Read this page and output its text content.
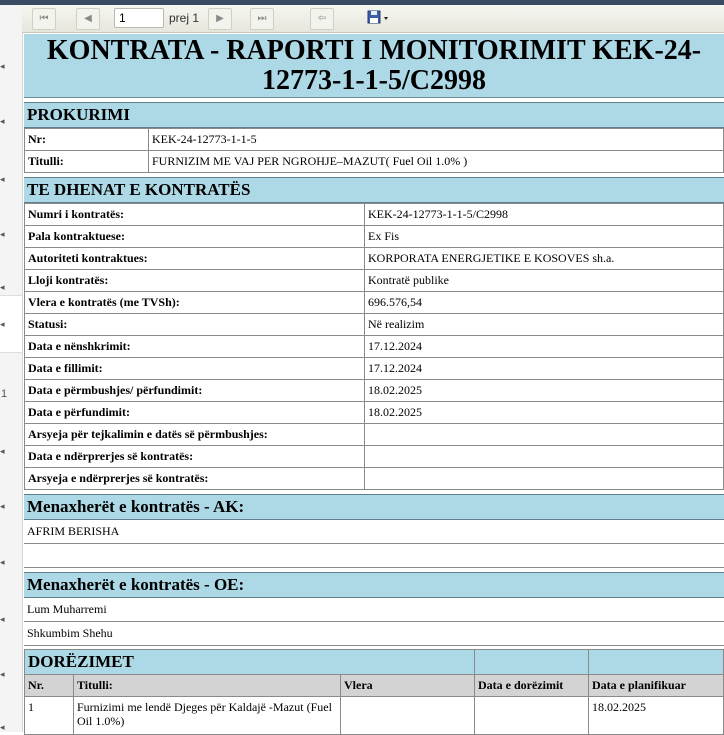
◂
◂
◂
◂
◂
◂
1
◂
◂
◂
◂
◂
◂
⏮	◀	1	prej 1	▶	⏭	⇦
KONTRATA - RAPORTI I MONITORIMIT KEK-24-12773-1-1-5/C2998
PROKURIMI
Nr:	KEK-24-12773-1-1-5
Titulli:	FURNIZIM ME VAJ PER NGROHJE–MAZUT( Fuel Oil 1.0% )
TE DHENAT E KONTRATËS
Numri i kontratës:	KEK-24-12773-1-1-5/C2998
Pala kontraktuese:	Ex Fis
Autoriteti kontraktues:	KORPORATA ENERGJETIKE E KOSOVES sh.a.
Lloji kontratës:	Kontratë publike
Vlera e kontratës (me TVSh):	696.576,54
Statusi:	Në realizim
Data e nënshkrimit:	17.12.2024
Data e fillimit:	17.12.2024
Data e përmbushjes/ përfundimit:	18.02.2025
Data e përfundimit:	18.02.2025
Arsyeja për tejkalimin e datës së përmbushjes:	
Data e ndërprerjes së kontratës:	
Arsyeja e ndërprerjes së kontratës:	
Menaxherët e kontratës - AK:
AFRIM BERISHA
Menaxherët e kontratës - OE:
Lum Muharremi
Shkumbim Shehu
DORËZIMET				
Nr.	Titulli:	Vlera	Data e dorëzimit	Data e planifikuar
1	Furnizimi me lendë Djeges për Kaldajë -Mazut (Fuel Oil 1.0%)			18.02.2025
